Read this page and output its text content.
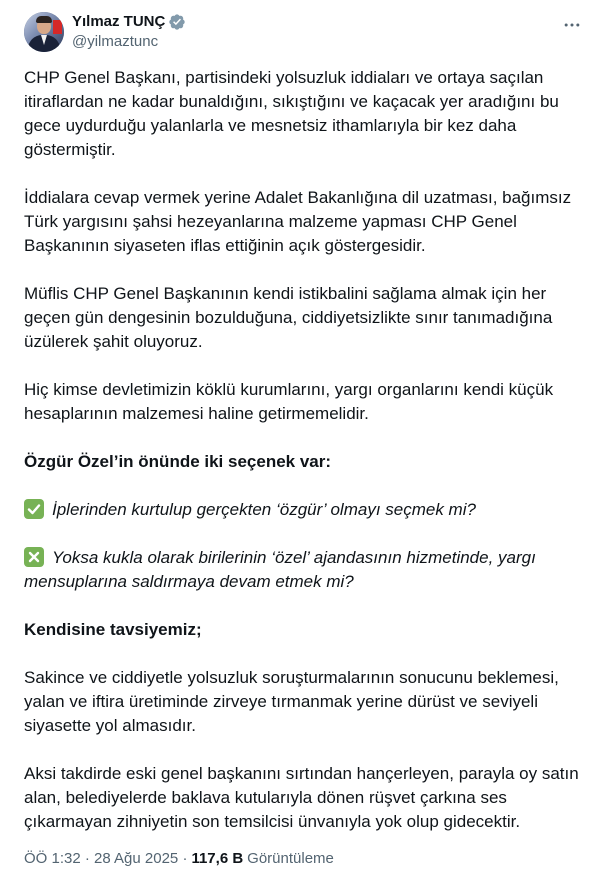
Yılmaz TUNÇ
@yilmaztunc

CHP Genel Başkanı, partisindeki yolsuzluk iddiaları ve ortaya saçılan itiraflardan ne kadar bunaldığını, sıkıştığını ve kaçacak yer aradığını bu gece uydurduğu yalanlarla ve mesnetsiz ithamlarıyla bir kez daha göstermiştir.

İddialara cevap vermek yerine Adalet Bakanlığına dil uzatması, bağımsız Türk yargısını şahsi hezeyanlarına malzeme yapması CHP Genel Başkanının siyaseten iflas ettiğinin açık göstergesidir.

Müflis CHP Genel Başkanının kendi istikbalini sağlama almak için her geçen gün dengesinin bozulduğuna, ciddiyetsizlikte sınır tanımadığına üzülerek şahit oluyoruz.

Hiç kimse devletimizin köklü kurumlarını, yargı organlarını kendi küçük hesaplarının malzemesi haline getirmemelidir.

Özgür Özel’in önünde iki seçenek var:

İplerinden kurtulup gerçekten ‘özgür’ olmayı seçmek mi?

Yoksa kukla olarak birilerinin ‘özel’ ajandasının hizmetinde, yargı
mensuplarına saldırmaya devam etmek mi?

Kendisine tavsiyemiz;

Sakince ve ciddiyetle yolsuzluk soruşturmalarının sonucunu beklemesi, yalan ve iftira üretiminde zirveye tırmanmak yerine dürüst ve seviyeli siyasette yol almasıdır.

Aksi takdirde eski genel başkanını sırtından hançerleyen, parayla oy satın alan, belediyelerde baklava kutularıyla dönen rüşvet çarkına ses çıkarmayan zihniyetin son temsilcisi ünvanıyla yok olup gidecektir.

ÖÖ 1:32 · 28 Ağu 2025 · 117,6 B Görüntüleme
